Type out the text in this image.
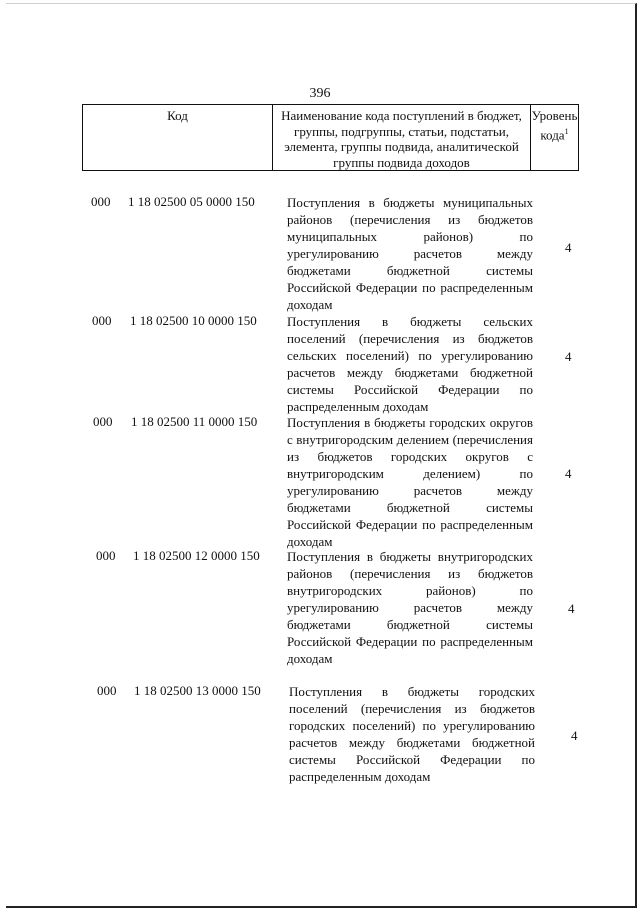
396
Код	Наименование кода поступлений в бюджет, группы, подгруппы, статьи, подстатьи, элемента, группы подвида, аналитической группы подвида доходов
Уровень кода$^1$
000 1 18 02500 05 0000 150 Поступления в бюджеты муниципальных районов (перечисления из бюджетов муниципальных районов) по урегулированию расчетов между бюджетами бюджетной системы Российской Федерации по распределенным доходам
4
000 1 18 02500 10 0000 150 Поступления в бюджеты сельских поселений (перечисления из бюджетов сельских поселений) по урегулированию расчетов между бюджетами бюджетной системы Российской Федерации по распределенным доходам
4
000 1 18 02500 11 0000 150 Поступления в бюджеты городских округов с внутригородским делением (перечисления из бюджетов городских округов с внутригородским делением) по урегулированию расчетов между бюджетами бюджетной системы Российской Федерации по распределенным доходам
4
000 1 18 02500 12 0000 150 Поступления в бюджеты внутригородских районов (перечисления из бюджетов внутригородских районов) по урегулированию расчетов между бюджетами бюджетной системы Российской Федерации по распределенным доходам
4
000 1 18 02500 13 0000 150 Поступления в бюджеты городских поселений (перечисления из бюджетов городских поселений) по урегулированию расчетов между бюджетами бюджетной системы Российской Федерации по распределенным доходам
4
